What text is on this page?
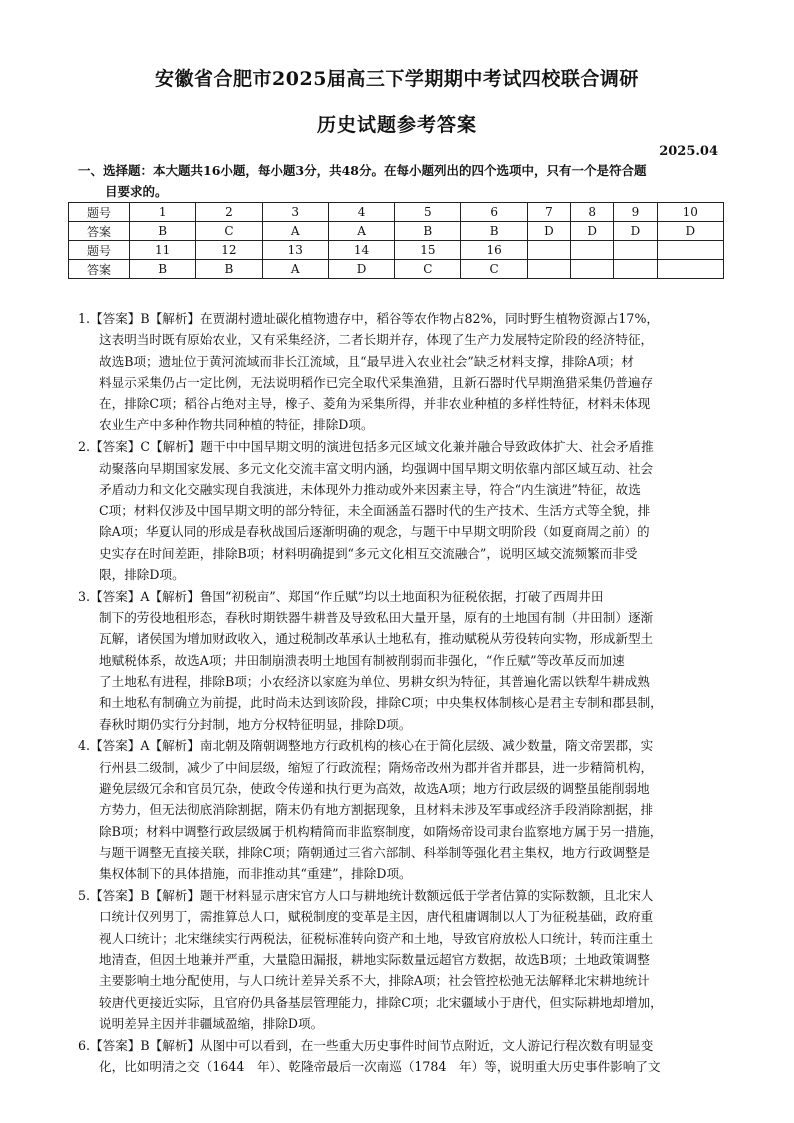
安徽省合肥市2025届高三下学期期中考试四校联合调研
历史试题参考答案
2025.04
一、选择题：本大题共16小题，每小题3分，共48分。在每小题列出的四个选项中，只有一个是符合题
目要求的。
题号	1	2	3	4	5	6	7	8	9	10
答案	B	C	A	A	B	B	D	D	D	D
题号	11	12	13	14	15	16				
答案	B	B	A	D	C	C				
1.【答案】B【解析】在贾湖村遗址碳化植物遗存中，稻谷等农作物占82%，同时野生植物资源占17%，
这表明当时既有原始农业，又有采集经济，二者长期并存，体现了生产力发展特定阶段的经济特征，
故选B项；遗址位于黄河流域而非长江流域，且“最早进入农业社会”缺乏材料支撑，排除A项；材
料显示采集仍占一定比例，无法说明稻作已完全取代采集渔猎，且新石器时代早期渔猎采集仍普遍存
在，排除C项；稻谷占绝对主导，橡子、菱角为采集所得，并非农业种植的多样性特征，材料未体现
农业生产中多种作物共同种植的特征，排除D项。
2.【答案】C【解析】题干中中国早期文明的演进包括多元区域文化兼并融合导致政体扩大、社会矛盾推
动聚落向早期国家发展、多元文化交流丰富文明内涵，均强调中国早期文明依靠内部区域互动、社会
矛盾动力和文化交融实现自我演进，未体现外力推动或外来因素主导，符合“内生演进”特征，故选
C项；材料仅涉及中国早期文明的部分特征，未全面涵盖石器时代的生产技术、生活方式等全貌，排
除A项；华夏认同的形成是春秋战国后逐渐明确的观念，与题干中早期文明阶段（如夏商周之前）的
史实存在时间差距，排除B项；材料明确提到“多元文化相互交流融合”，说明区域交流频繁而非受
限，排除D项。
3.【答案】A【解析】鲁国“初税亩”、郑国“作丘赋”均以土地面积为征税依据，打破了西周井田
制下的劳役地租形态，春秋时期铁器牛耕普及导致私田大量开垦，原有的土地国有制（井田制）逐渐
瓦解，诸侯国为增加财政收入，通过税制改革承认土地私有，推动赋税从劳役转向实物，形成新型土
地赋税体系，故选A项；井田制崩溃表明土地国有制被削弱而非强化，“作丘赋”等改革反而加速
了土地私有进程，排除B项；小农经济以家庭为单位、男耕女织为特征，其普遍化需以铁犁牛耕成熟
和土地私有制确立为前提，此时尚未达到该阶段，排除C项；中央集权体制核心是君主专制和郡县制，
春秋时期仍实行分封制，地方分权特征明显，排除D项。
4.【答案】A【解析】南北朝及隋朝调整地方行政机构的核心在于简化层级、减少数量，隋文帝罢郡，实
行州县二级制，减少了中间层级，缩短了行政流程；隋炀帝改州为郡并省并郡县，进一步精简机构，
避免层级冗余和官员冗杂，使政令传递和执行更为高效，故选A项；地方行政层级的调整虽能削弱地
方势力，但无法彻底消除割据，隋末仍有地方割据现象，且材料未涉及军事或经济手段消除割据，排
除B项；材料中调整行政层级属于机构精简而非监察制度，如隋炀帝设司隶台监察地方属于另一措施，
与题干调整无直接关联，排除C项；隋朝通过三省六部制、科举制等强化君主集权，地方行政调整是
集权体制下的具体措施，而非推动其“重建”，排除D项。
5.【答案】B【解析】题干材料显示唐宋官方人口与耕地统计数额远低于学者估算的实际数额，且北宋人
口统计仅列男丁，需推算总人口，赋税制度的变革是主因，唐代租庸调制以人丁为征税基础，政府重
视人口统计；北宋继续实行两税法，征税标准转向资产和土地，导致官府放松人口统计，转而注重土
地清查，但因土地兼并严重，大量隐田漏报，耕地实际数量远超官方数据，故选B项；土地政策调整
主要影响土地分配使用，与人口统计差异关系不大，排除A项；社会管控松弛无法解释北宋耕地统计
较唐代更接近实际，且官府仍具备基层管理能力，排除C项；北宋疆域小于唐代，但实际耕地却增加，
说明差异主因并非疆域盈缩，排除D项。
6.【答案】B【解析】从图中可以看到，在一些重大历史事件时间节点附近，文人游记行程次数有明显变
化，比如明清之交（1644　年）、乾隆帝最后一次南巡（1784　年）等，说明重大历史事件影响了文
